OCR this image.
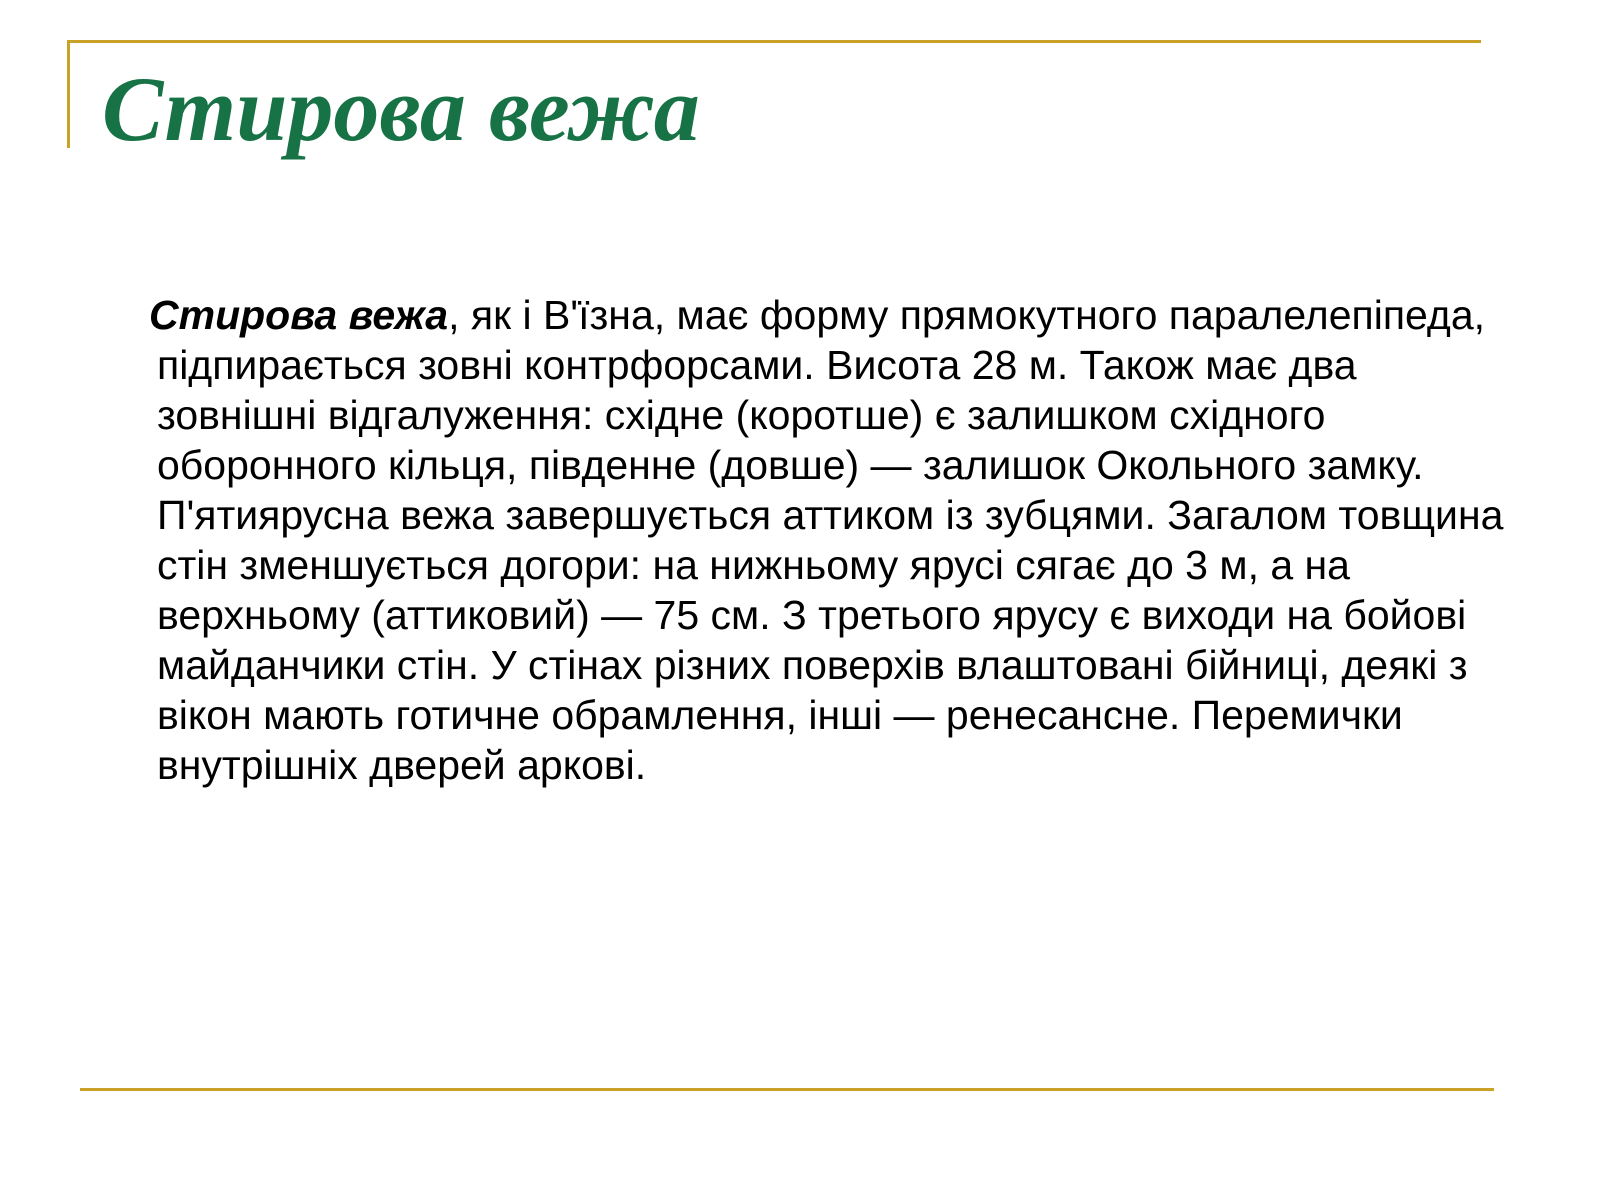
Стирова вежа

Стирова вежа, як і В'їзна, має форму прямокутного паралелепіпеда, підпирається зовні контрфорсами. Висота 28 м. Також має два зовнішні відгалуження: східне (коротше) є залишком східного оборонного кільця, південне (довше) — залишок Окольного замку. П'ятиярусна вежа завершується аттиком із зубцями. Загалом товщина стін зменшується догори: на нижньому ярусі сягає до 3 м, а на верхньому (аттиковий) — 75 см. З третього ярусу є виходи на бойові майданчики стін. У стінах різних поверхів влаштовані бійниці, деякі з вікон мають готичне обрамлення, інші — ренесансне. Перемички внутрішніх дверей аркові.
